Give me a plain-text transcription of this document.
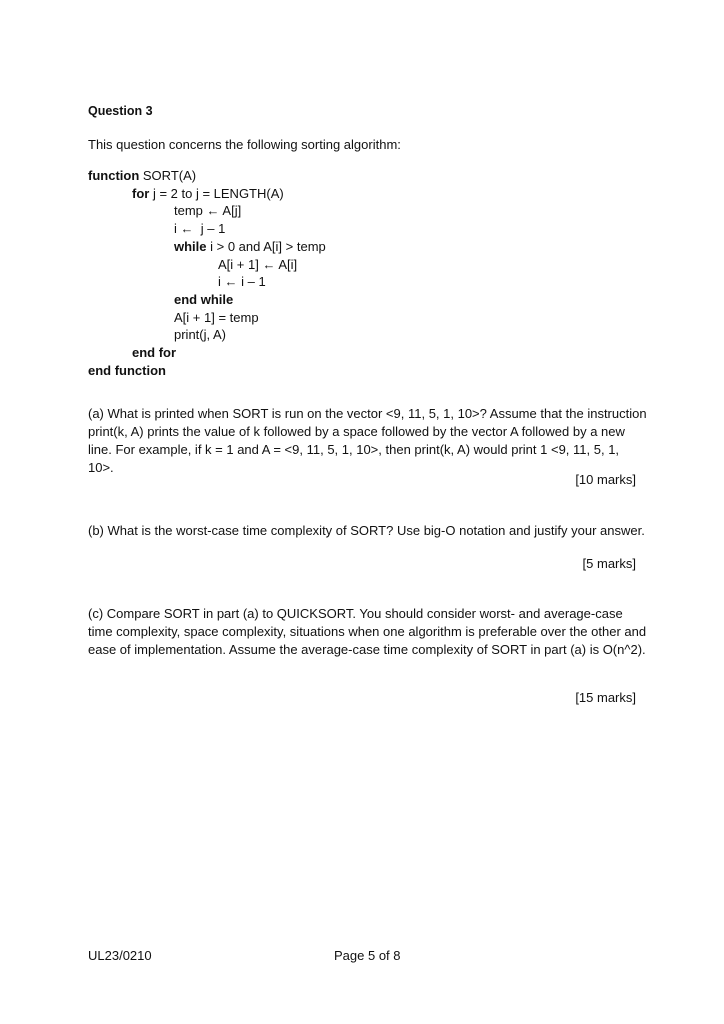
Question 3
This question concerns the following sorting algorithm:
function SORT(A)
for j = 2 to j = LENGTH(A)
temp ← A[j]
i ←  j – 1
while i > 0 and A[i] > temp
A[i + 1] ← A[i]
i ← i – 1
end while
A[i + 1] = temp
print(j, A)
end for
end function
(a) What is printed when SORT is run on the vector <9, 11, 5, 1, 10>? Assume that the instruction print(k, A) prints the value of k followed by a space followed by the vector A followed by a new line. For example, if k = 1 and A = <9, 11, 5, 1, 10>, then print(k, A) would print 1 <9, 11, 5, 1, 10>.
[10 marks]
(b) What is the worst-case time complexity of SORT? Use big-O notation and justify your answer.
[5 marks]
(c) Compare SORT in part (a) to QUICKSORT. You should consider worst- and average-case time complexity, space complexity, situations when one algorithm is preferable over the other and ease of implementation. Assume the average-case time complexity of SORT in part (a) is O(n^2).
[15 marks]
UL23/0210	Page 5 of 8
